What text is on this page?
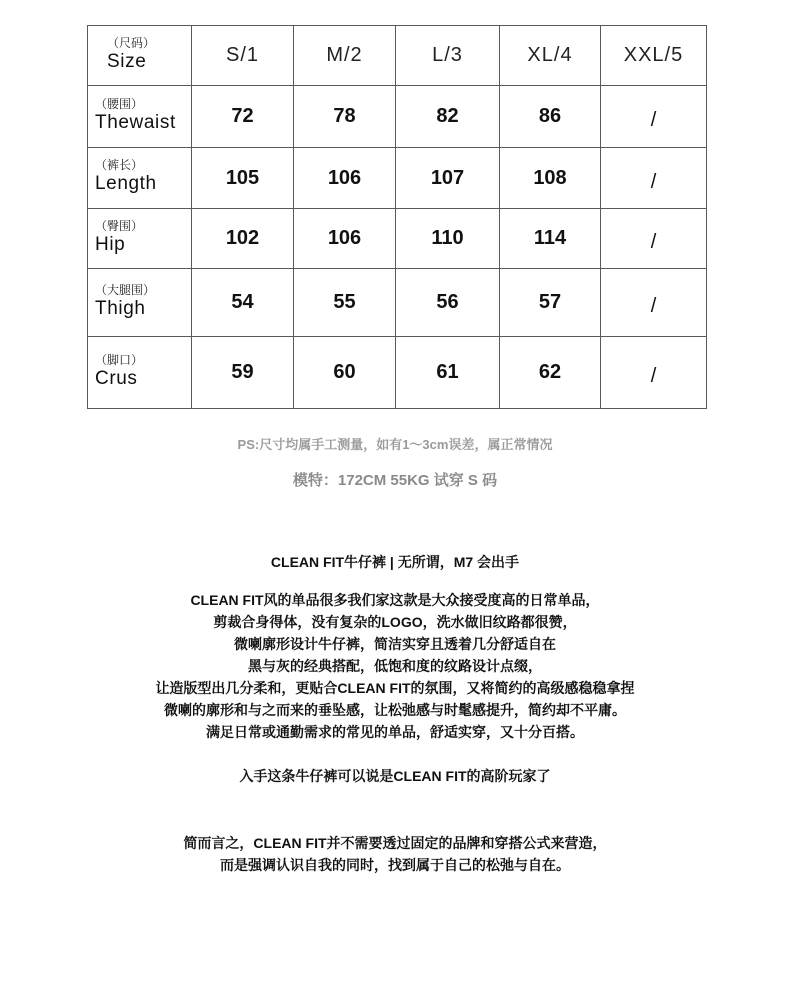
（尺码）
Size	S/1	M/2	L/3	XL/4	XXL/5

（腰围）
Thewaist	72	78	82	86	/

（裤长）
Length	105	106	107	108	/

（臀围）
Hip	102	106	110	114	/

（大腿围）
Thigh	54	55	56	57	/

（脚口）
Crus	59	60	61	62	/
PS:尺寸均属手工测量，如有1～3cm误差，属正常情况
模特：172CM 55KG 试穿 S 码
CLEAN FIT牛仔裤 | 无所谓，M7 会出手
CLEAN FIT风的单品很多我们家这款是大众接受度高的日常单品，
剪裁合身得体，没有复杂的LOGO，洗水做旧纹路都很赞，
微喇廓形设计牛仔裤，简洁实穿且透着几分舒适自在
黑与灰的经典搭配，低饱和度的纹路设计点缀，
让造版型出几分柔和，更贴合CLEAN FIT的氛围，又将简约的高级感稳稳拿捏
微喇的廓形和与之而来的垂坠感，让松弛感与时髦感提升，简约却不平庸。
满足日常或通勤需求的常见的单品，舒适实穿，又十分百搭。
入手这条牛仔裤可以说是CLEAN FIT的高阶玩家了
简而言之，CLEAN FIT并不需要透过固定的品牌和穿搭公式来营造，
而是强调认识自我的同时，找到属于自己的松弛与自在。
